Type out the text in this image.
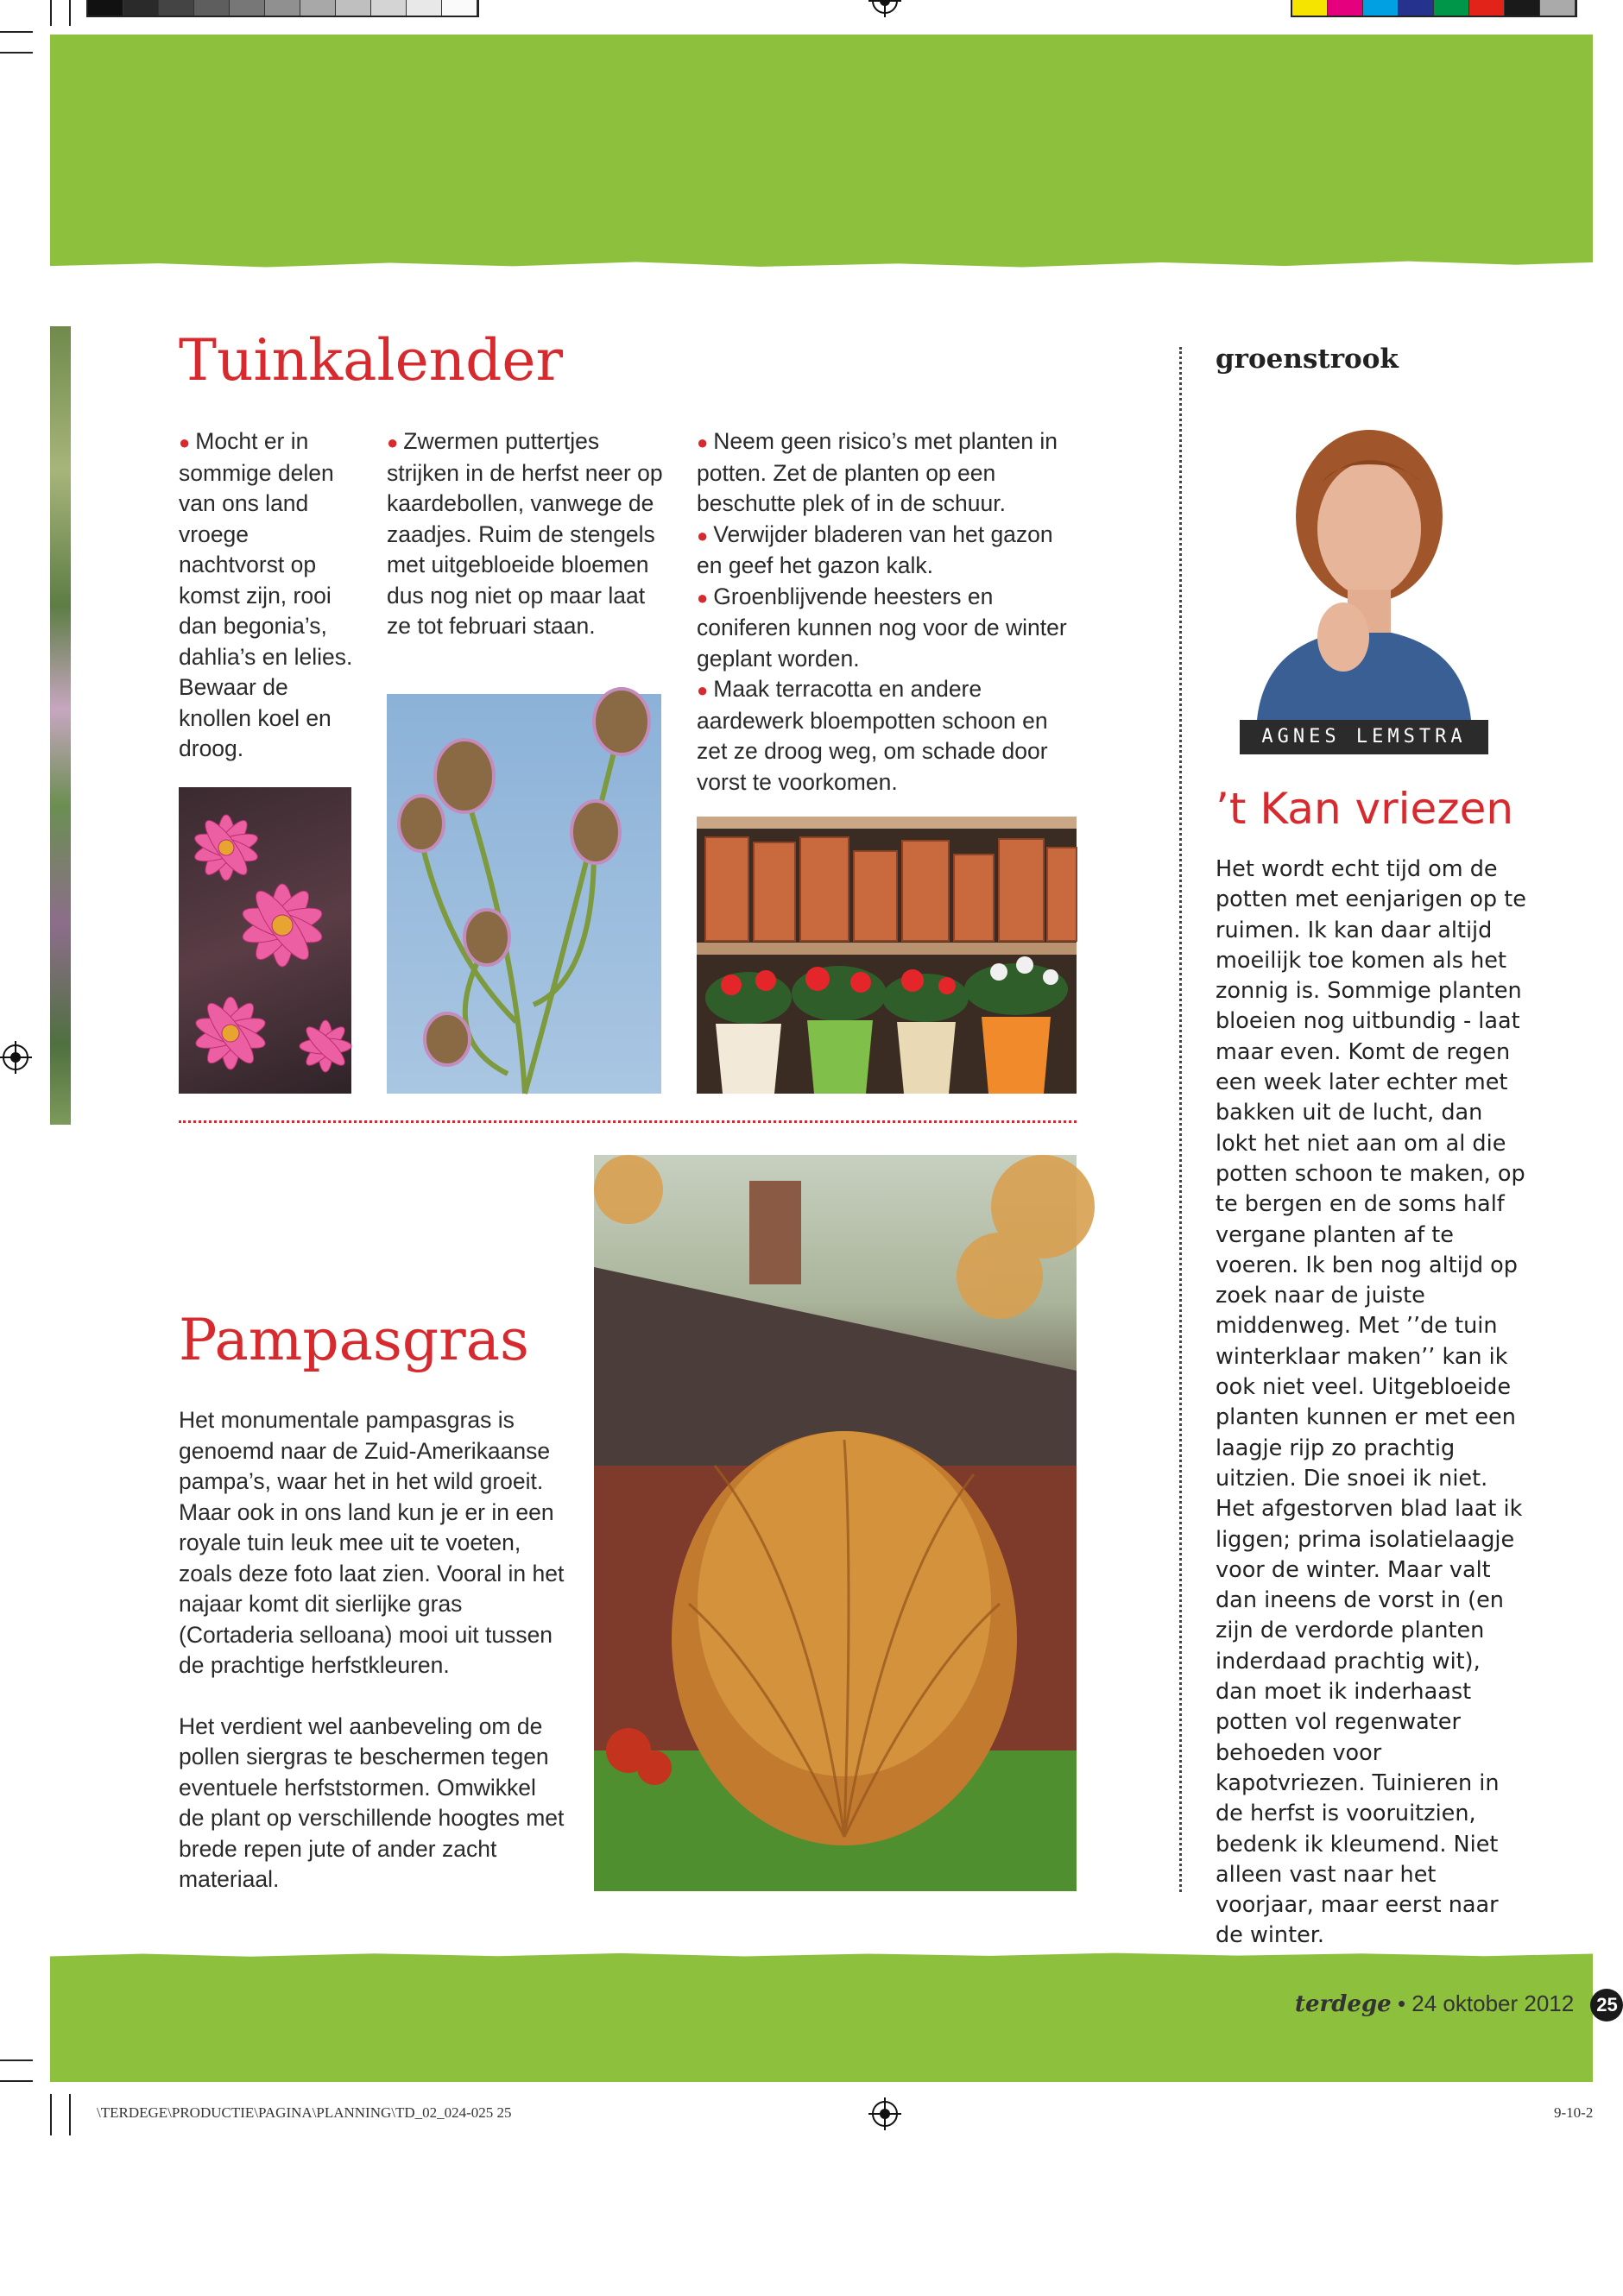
Tuinkalender
● Mocht er in sommige delen van ons land vroege nachtvorst op komst zijn, rooi dan begonia’s, dahlia’s en lelies. Bewaar de knollen koel en droog.
● Zwermen puttertjes strijken in de herfst neer op kaardebollen, vanwege de zaadjes. Ruim de stengels met uitgebloeide bloemen dus nog niet op maar laat ze tot februari staan.
● Neem geen risico’s met planten in potten. Zet de planten op een beschutte plek of in de schuur.
● Verwijder bladeren van het gazon en geef het gazon kalk.
● Groenblijvende heesters en coniferen kunnen nog voor de winter geplant worden.
● Maak terracotta en andere aardewerk bloempotten schoon en zet ze droog weg, om schade door vorst te voorkomen.
Pampasgras
Het monumentale pampasgras is genoemd naar de Zuid-Amerikaanse pampa’s, waar het in het wild groeit. Maar ook in ons land kun je er in een royale tuin leuk mee uit te voeten, zoals deze foto laat zien. Vooral in het najaar komt dit sierlijke gras (Cortaderia selloana) mooi uit tussen de prachtige herfstkleuren.
Het verdient wel aanbeveling om de pollen siergras te beschermen tegen eventuele herfststormen. Omwikkel de plant op verschillende hoogtes met brede repen jute of ander zacht materiaal.
groenstrook
AGNES LEMSTRA
’t Kan vriezen
Het wordt echt tijd om de potten met eenjarigen op te ruimen. Ik kan daar altijd moeilijk toe komen als het zonnig is. Sommige planten bloeien nog uitbundig - laat maar even. Komt de regen een week later echter met bakken uit de lucht, dan lokt het niet aan om al die potten schoon te maken, op te bergen en de soms half vergane planten af te voeren. Ik ben nog altijd op zoek naar de juiste middenweg. Met ’’de tuin winterklaar maken’’ kan ik ook niet veel. Uitgebloeide planten kunnen er met een laagje rijp zo prachtig uitzien. Die snoei ik niet. Het afgestorven blad laat ik liggen; prima isolatielaagje voor de winter. Maar valt dan ineens de vorst in (en zijn de verdorde planten inderdaad prachtig wit), dan moet ik inderhaast potten vol regenwater behoeden voor kapotvriezen. Tuinieren in de herfst is vooruitzien, bedenk ik kleumend. Niet alleen vast naar het voorjaar, maar eerst naar de winter.
terdege • 24 oktober 2012 25
\TERDEGE\PRODUCTIE\PAGINA\PLANNING\TD_02_024-025 25	9-10-2
